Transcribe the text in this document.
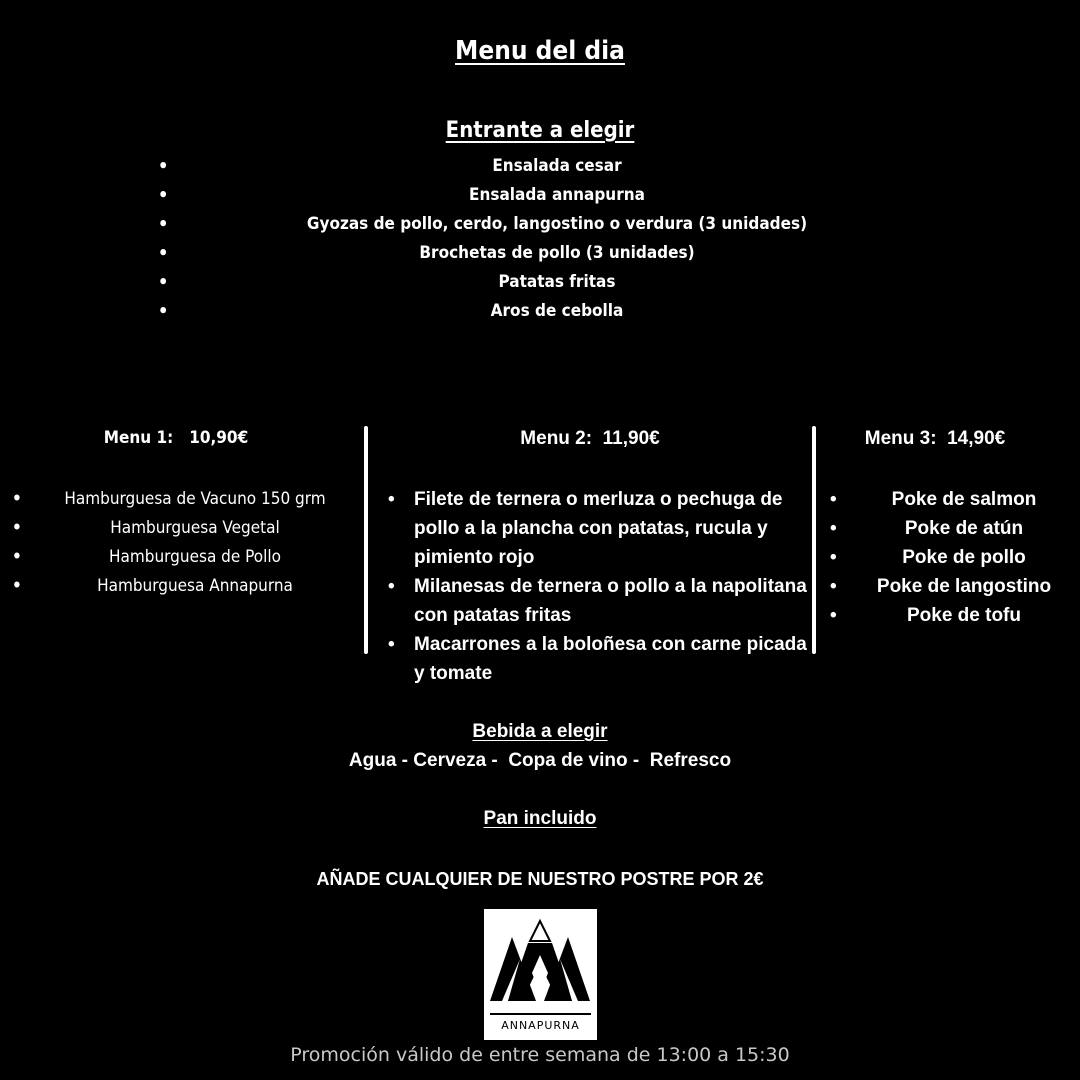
Menu del dia
Entrante a elegir
•	Ensalada cesar
•	Ensalada annapurna
•	Gyozas de pollo, cerdo, langostino o verdura (3 unidades)
•	Brochetas de pollo (3 unidades)
•	Patatas fritas
•	Aros de cebolla
Menu 1:   10,90€
•	Hamburguesa de Vacuno 150 grm
•	Hamburguesa Vegetal
•	Hamburguesa de Pollo
•	Hamburguesa Annapurna
Menu 2:  11,90€
• Filete de ternera o merluza o pechuga de pollo a la plancha con patatas, rucula y pimiento rojo
• Milanesas de ternera o pollo a la napolitana con patatas fritas
• Macarrones a la boloñesa con carne picada y tomate
Menu 3:  14,90€
•	Poke de salmon
•	Poke de atún
•	Poke de pollo
• Poke de langostino
•	Poke de tofu
Bebida a elegir
Agua - Cerveza -  Copa de vino -  Refresco
Pan incluido
AÑADE CUALQUIER DE NUESTRO POSTRE POR 2€
ANNAPURNA
Promoción válido de entre semana de 13:00 a 15:30
